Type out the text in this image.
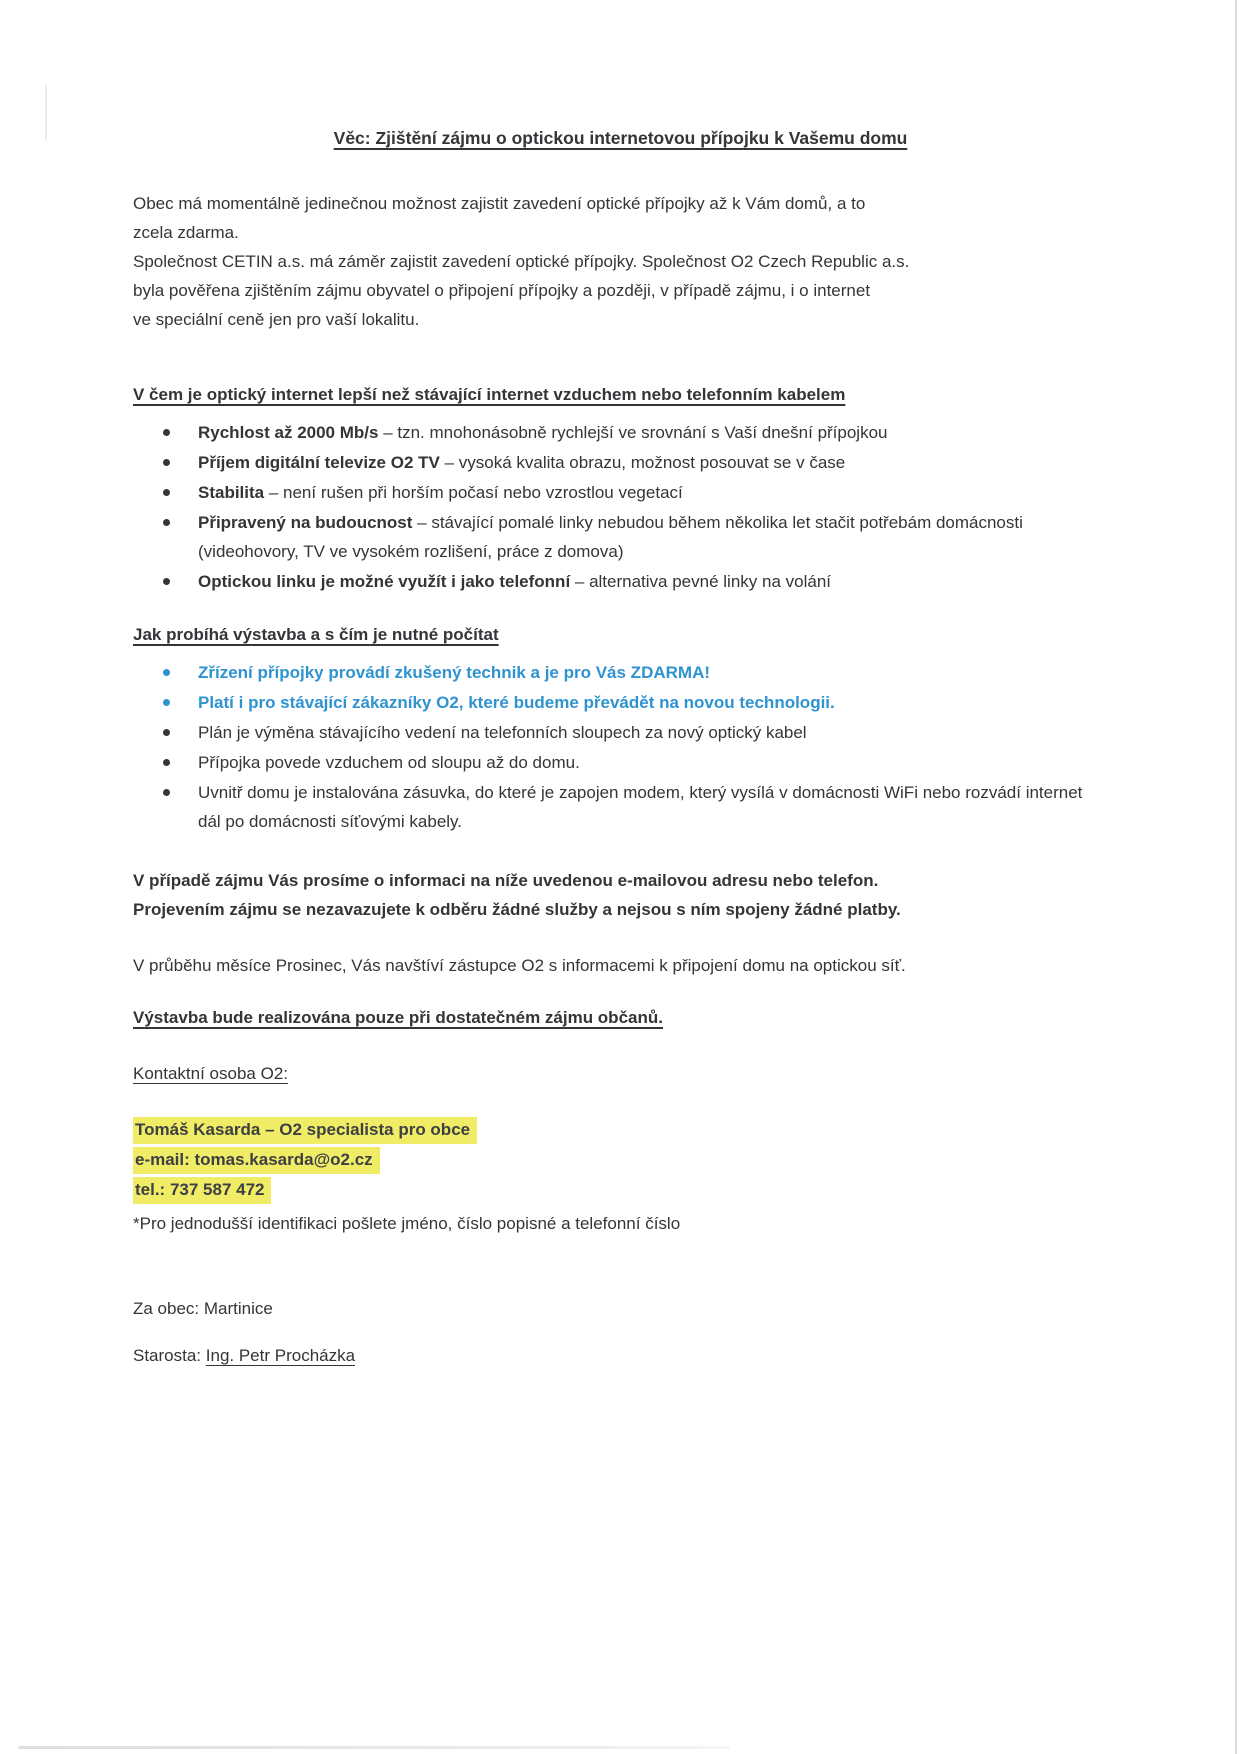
Věc: Zjištění zájmu o optickou internetovou přípojku k Vašemu domu
Obec má momentálně jedinečnou možnost zajistit zavedení optické přípojky až k Vám domů, a to
zcela zdarma.
Společnost CETIN a.s. má záměr zajistit zavedení optické přípojky. Společnost O2 Czech Republic a.s.
byla pověřena zjištěním zájmu obyvatel o připojení přípojky a později, v případě zájmu, i o internet
ve speciální ceně jen pro vaší lokalitu.
V čem je optický internet lepší než stávající internet vzduchem nebo telefonním kabelem
Rychlost až 2000 Mb/s – tzn. mnohonásobně rychlejší ve srovnání s Vaší dnešní přípojkou
Příjem digitální televize O2 TV – vysoká kvalita obrazu, možnost posouvat se v čase
Stabilita – není rušen při horším počasí nebo vzrostlou vegetací
Připravený na budoucnost – stávající pomalé linky nebudou během několika let stačit potřebám domácnosti (videohovory, TV ve vysokém rozlišení, práce z domova)
Optickou linku je možné využít i jako telefonní – alternativa pevné linky na volání
Jak probíhá výstavba a s čím je nutné počítat
Zřízení přípojky provádí zkušený technik a je pro Vás ZDARMA!
Platí i pro stávající zákazníky O2, které budeme převádět na novou technologii.
Plán je výměna stávajícího vedení na telefonních sloupech za nový optický kabel
Přípojka povede vzduchem od sloupu až do domu.
Uvnitř domu je instalována zásuvka, do které je zapojen modem, který vysílá v domácnosti WiFi nebo rozvádí internet dál po domácnosti síťovými kabely.
V případě zájmu Vás prosíme o informaci na níže uvedenou e-mailovou adresu nebo telefon.
Projevením zájmu se nezavazujete k odběru žádné služby a nejsou s ním spojeny žádné platby.
V průběhu měsíce Prosinec, Vás navštíví zástupce O2 s informacemi k připojení domu na optickou síť.
Výstavba bude realizována pouze při dostatečném zájmu občanů.
Kontaktní osoba O2:
Tomáš Kasarda – O2 specialista pro obce
e-mail: tomas.kasarda@o2.cz
tel.: 737 587 472
*Pro jednodušší identifikaci pošlete jméno, číslo popisné a telefonní číslo
Za obec: Martinice
Starosta: Ing. Petr Procházka
